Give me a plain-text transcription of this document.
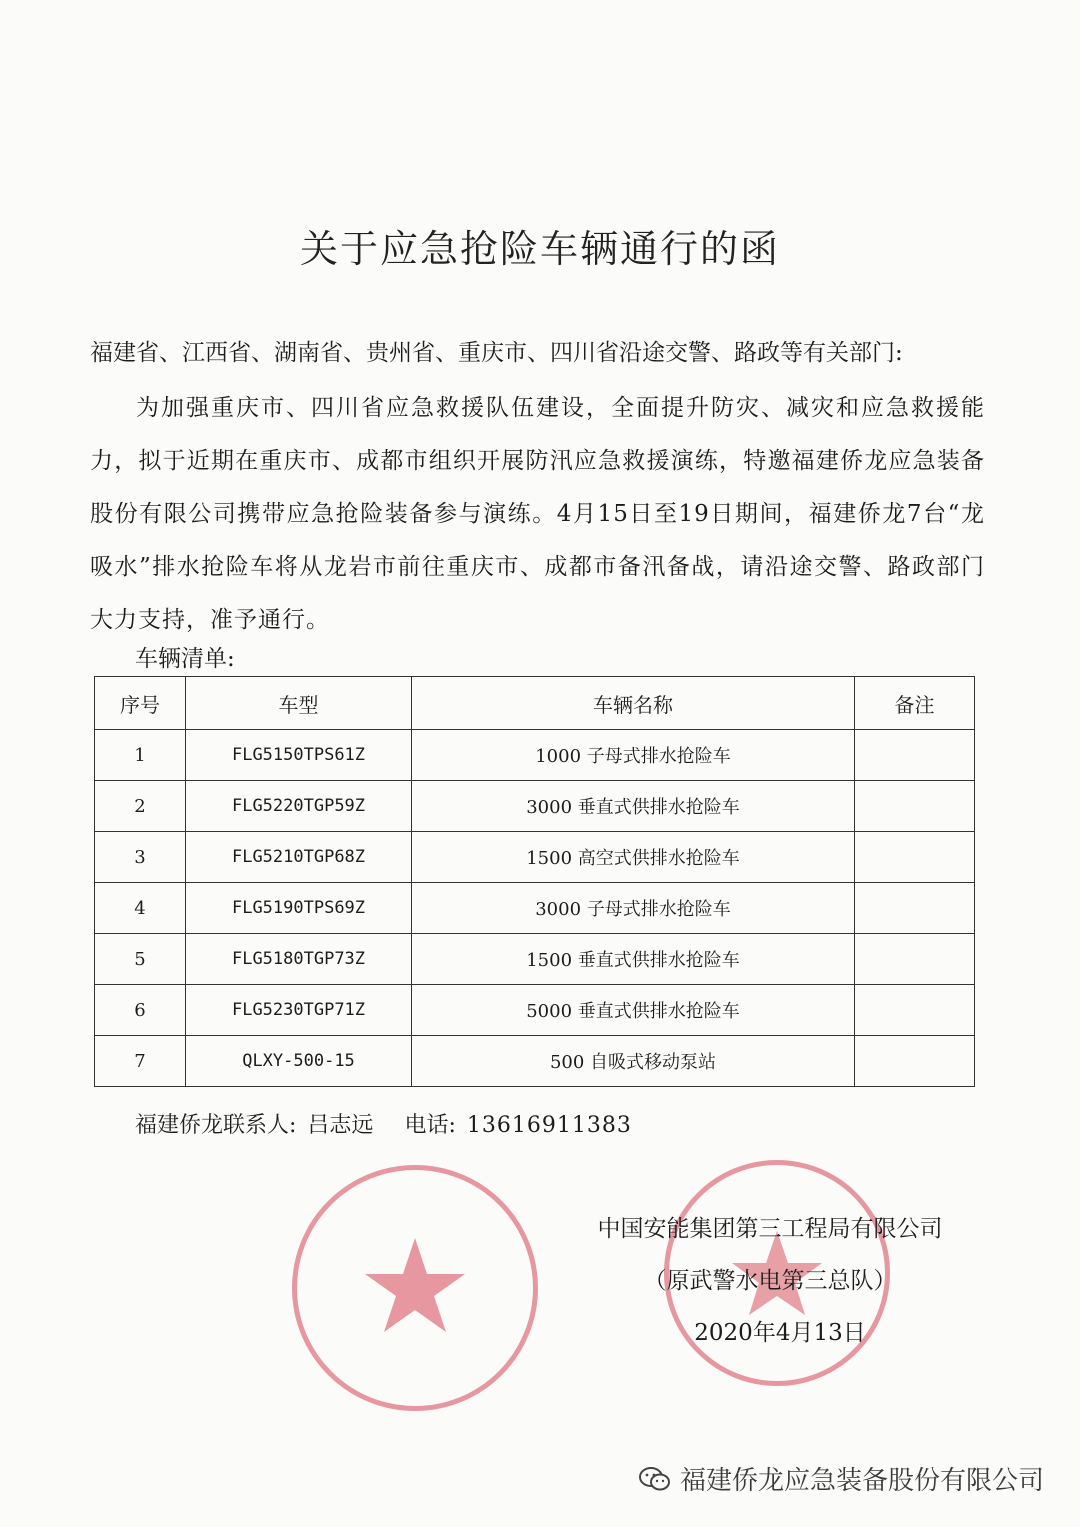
关于应急抢险车辆通行的函
福建省、江西省、湖南省、贵州省、重庆市、四川省沿途交警、路政等有关部门:
为加强重庆市、四川省应急救援队伍建设，全面提升防灾、减灾和应急救援能力，拟于近期在重庆市、成都市组织开展防汛应急救援演练，特邀福建侨龙应急装备股份有限公司携带应急抢险装备参与演练。4月15日至19日期间，福建侨龙7台“龙吸水”排水抢险车将从龙岩市前往重庆市、成都市备汛备战，请沿途交警、路政部门大力支持，准予通行。
车辆清单:
序号	车型	车辆名称	备注
1	FLG5150TPS61Z	1000 子母式排水抢险车	
2	FLG5220TGP59Z	3000 垂直式供排水抢险车	
3	FLG5210TGP68Z	1500 高空式供排水抢险车	
4	FLG5190TPS69Z	3000 子母式排水抢险车	
5	FLG5180TGP73Z	1500 垂直式供排水抢险车	
6	FLG5230TGP71Z	5000 垂直式供排水抢险车	
7	QLXY-500-15	500 自吸式移动泵站	
福建侨龙联系人: 吕志远 电话: 13616911383
中国安能集团第三工程局有限公司
（原武警水电第三总队）
2020年4月13日
福建侨龙应急装备股份有限公司
